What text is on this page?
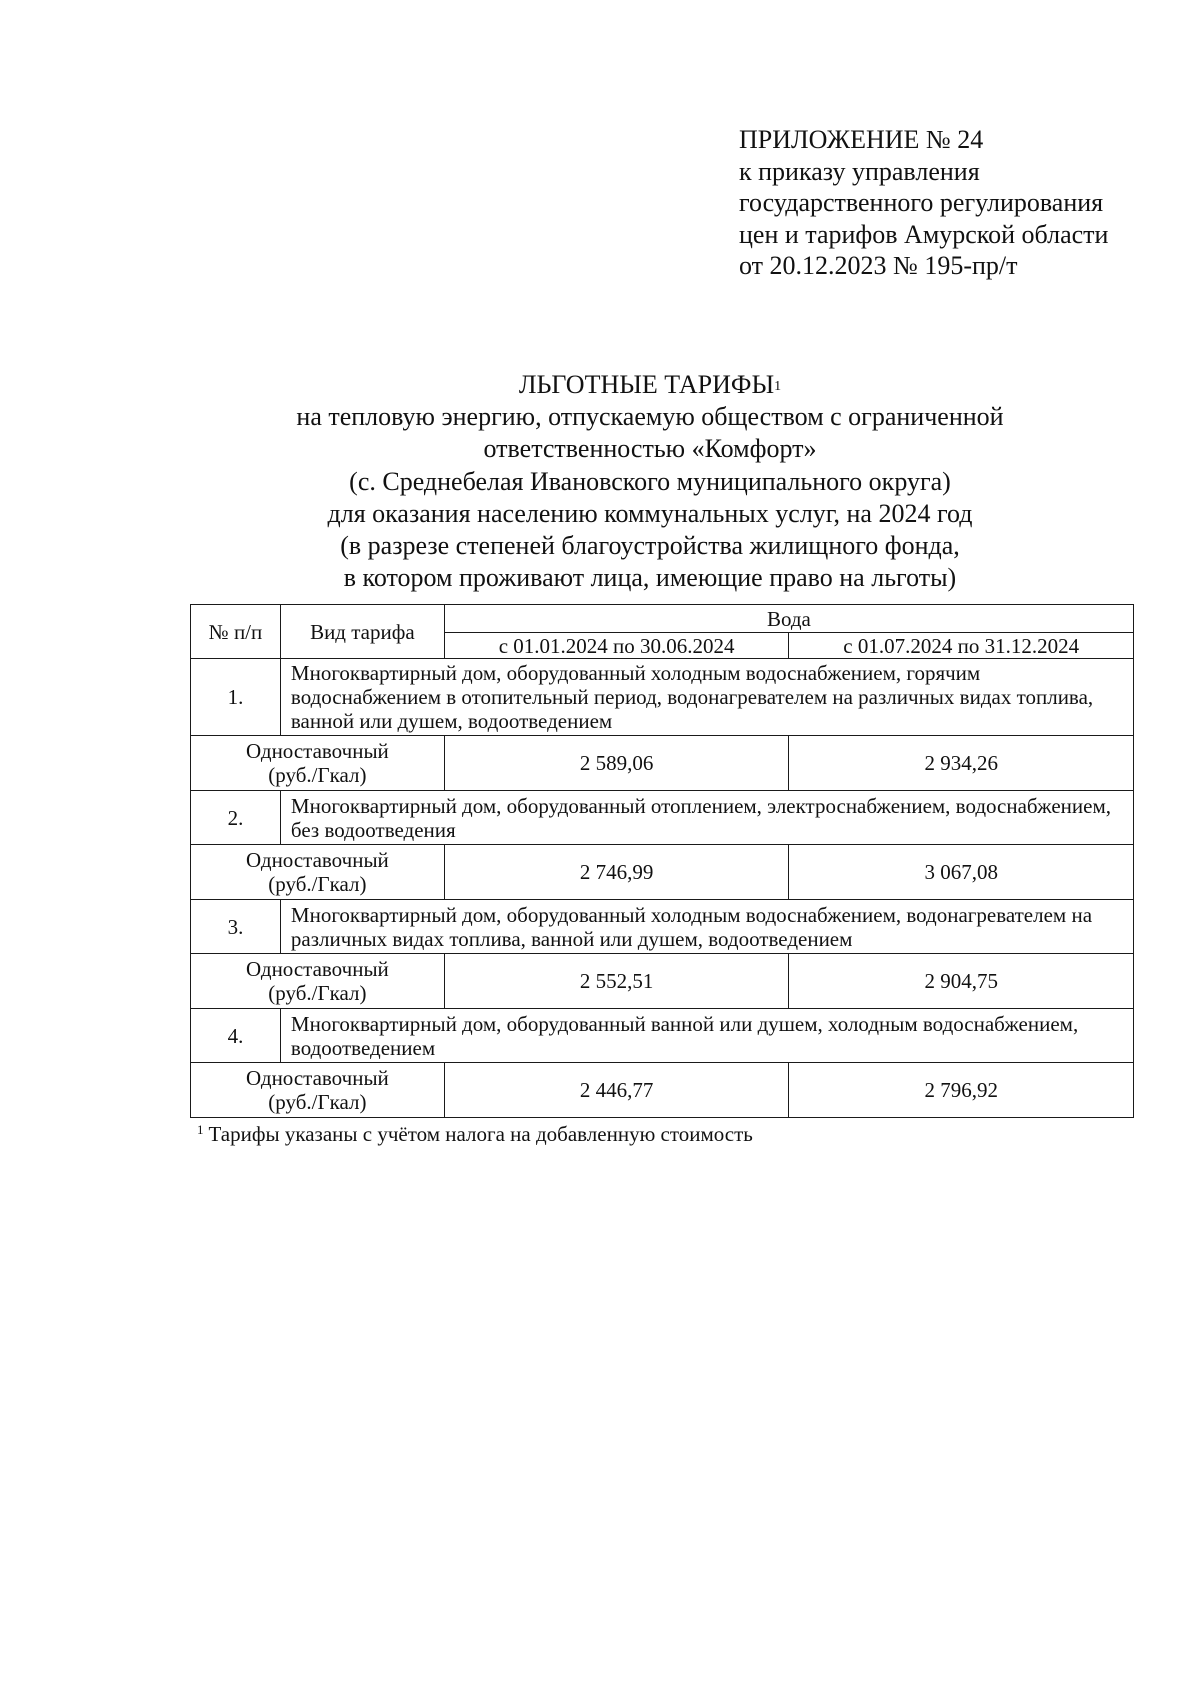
ПРИЛОЖЕНИЕ № 24
к приказу управления
государственного регулирования
цен и тарифов Амурской области
от 20.12.2023 № 195-пр/т
ЛЬГОТНЫЕ ТАРИФЫ$^1$
на тепловую энергию, отпускаемую обществом с ограниченной
ответственностью «Комфорт»
(с. Среднебелая Ивановского муниципального округа)
для оказания населению коммунальных услуг, на 2024 год
(в разрезе степеней благоустройства жилищного фонда,
в котором проживают лица, имеющие право на льготы)
№ п/п	Вид тарифа	Вода	
		с 01.01.2024 по 30.06.2024	с 01.07.2024 по 31.12.2024
1.	Многоквартирный дом, оборудованный холодным водоснабжением, горячим водоснабжением в отопительный период, водонагревателем на различных видах топлива, ванной или душем, водоотведением		

Одноставочный
(руб./Гкал)		2 589,06	2 934,26
2.	Многоквартирный дом, оборудованный отоплением, электроснабжением, водоснабжением, без водоотведения		

Одноставочный
(руб./Гкал)		2 746,99	3 067,08
3.	Многоквартирный дом, оборудованный холодным водоснабжением, водонагревателем на различных видах топлива, ванной или душем, водоотведением		

Одноставочный
(руб./Гкал)		2 552,51	2 904,75
4.	Многоквартирный дом, оборудованный ванной или душем, холодным водоснабжением, водоотведением		

Одноставочный
(руб./Гкал)		2 446,77	2 796,92
$^1$ Тарифы указаны с учётом налога на добавленную стоимость
